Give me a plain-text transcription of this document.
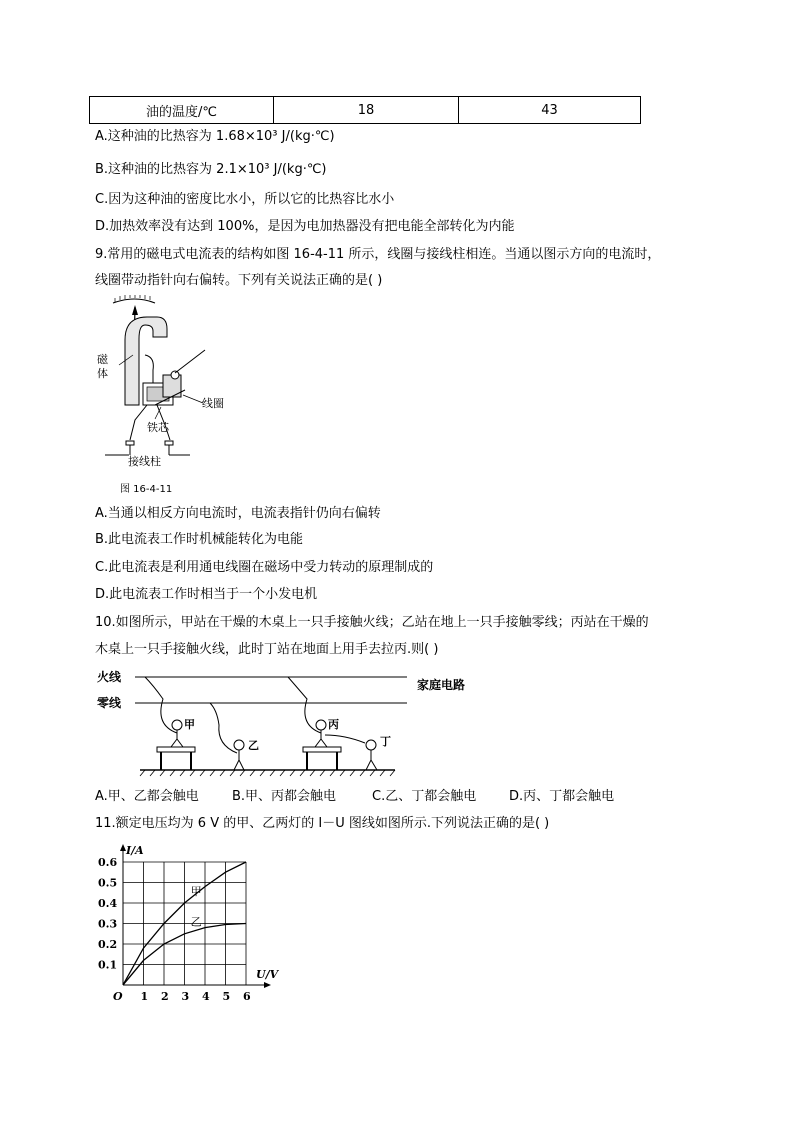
油的温度/℃	18	43
A.这种油的比热容为 1.68×10³ J/(kg·℃)
B.这种油的比热容为 2.1×10³ J/(kg·℃)
C.因为这种油的密度比水小，所以它的比热容比水小
D.加热效率没有达到 100%，是因为电加热器没有把电能全部转化为内能
9.常用的磁电式电流表的结构如图 16-4-11 所示，线圈与接线柱相连。当通以图示方向的电流时，
线圈带动指针向右偏转。下列有关说法正确的是( )
磁
体
线圈
铁芯
接线柱
图 16-4-11
A.当通以相反方向电流时，电流表指针仍向右偏转
B.此电流表工作时机械能转化为电能
C.此电流表是利用通电线圈在磁场中受力转动的原理制成的
D.此电流表工作时相当于一个小发电机
10.如图所示，甲站在干燥的木桌上一只手接触火线；乙站在地上一只手接触零线；丙站在干燥的
木桌上一只手接触火线，此时丁站在地面上用手去拉丙.则( )
火线
零线
家庭电路
甲
乙
丙
丁
A.甲、乙都会触电	B.甲、丙都会触电	C.乙、丁都会触电	D.丙、丁都会触电
11.额定电压均为 6 V 的甲、乙两灯的 I－U 图线如图所示.下列说法正确的是( )
1 2 3 4 5 6
0.1
0.2
0.3
0.4
0.5
0.6
甲
乙
I/A
U/V
O
